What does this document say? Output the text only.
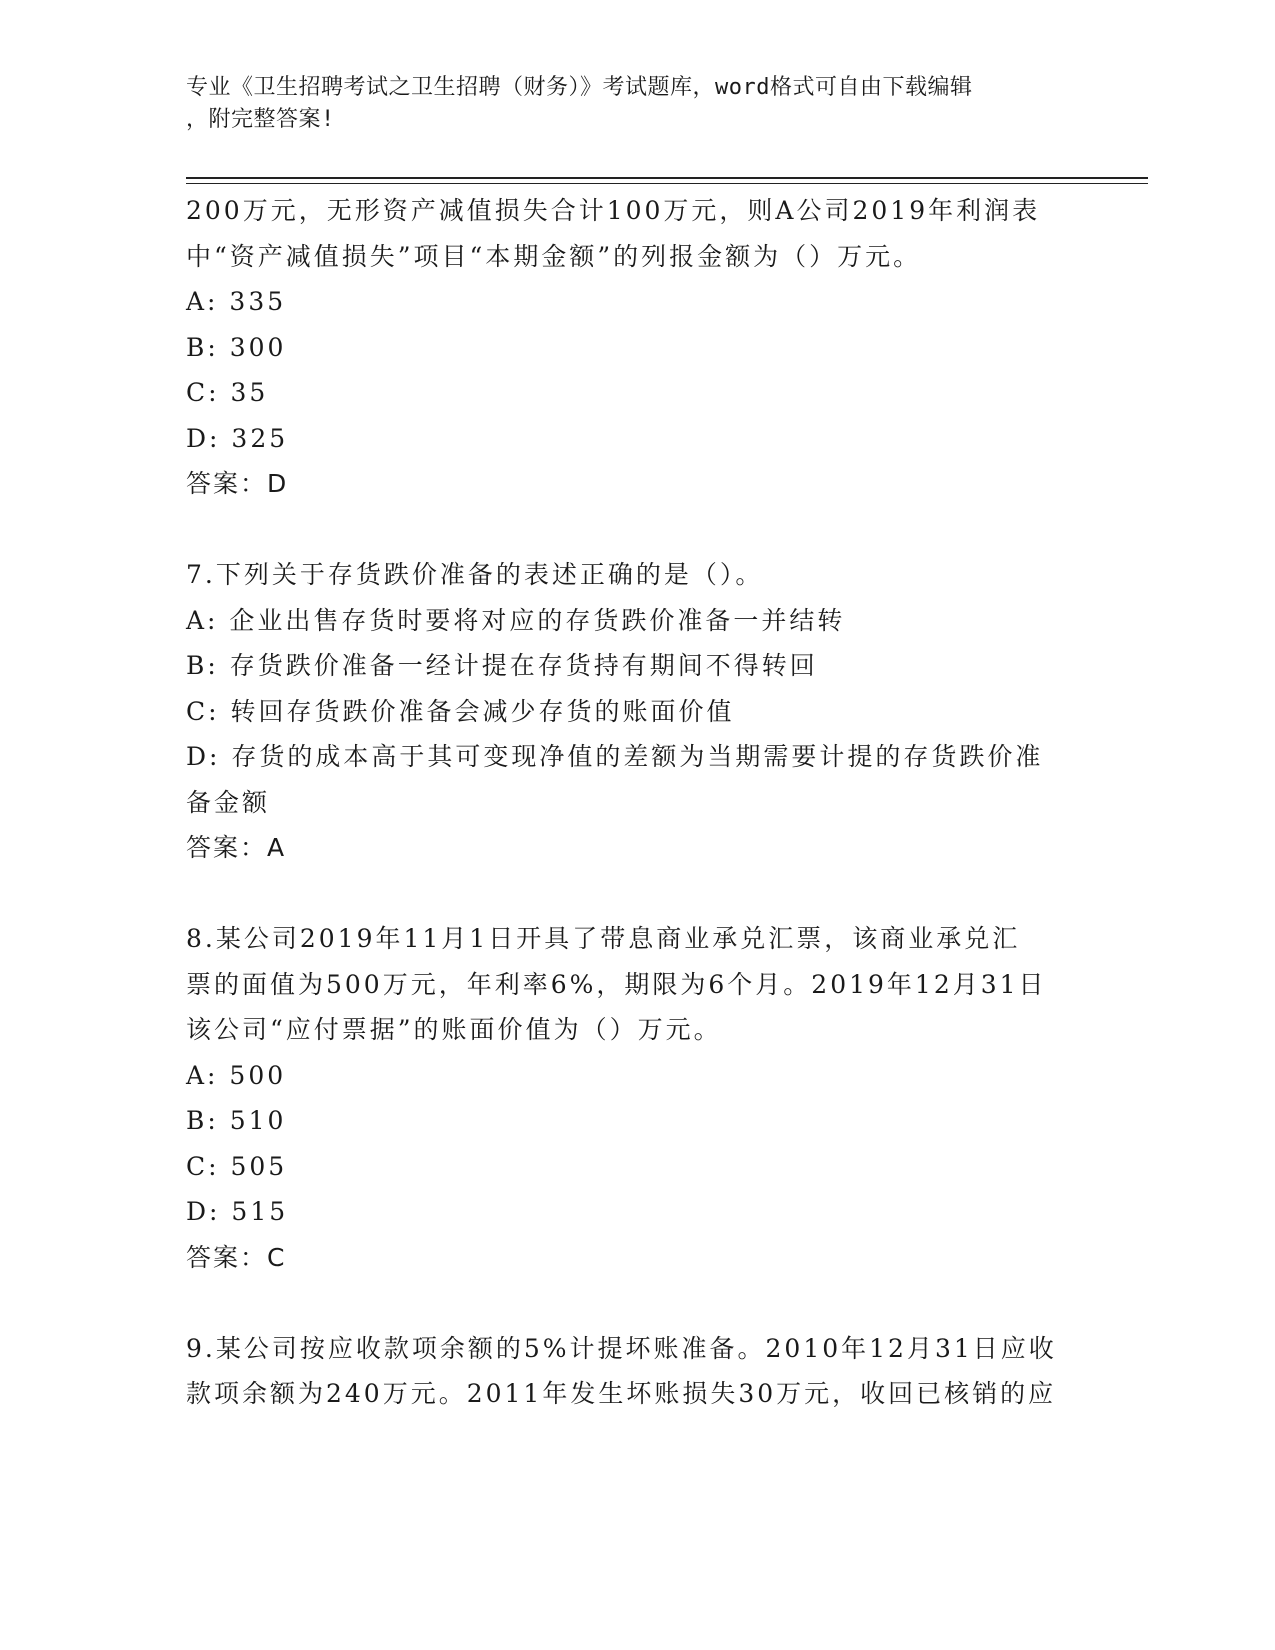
专业《卫生招聘考试之卫生招聘（财务）》考试题库，word格式可自由下载编辑
，附完整答案!
200万元，无形资产减值损失合计100万元，则A公司2019年利润表
中“资产减值损失”项目“本期金额”的列报金额为（）万元。
A: 335
B: 300
C: 35
D: 325
答案：D
7.下列关于存货跌价准备的表述正确的是（）。
A: 企业出售存货时要将对应的存货跌价准备一并结转
B: 存货跌价准备一经计提在存货持有期间不得转回
C: 转回存货跌价准备会减少存货的账面价值
D: 存货的成本高于其可变现净值的差额为当期需要计提的存货跌价准
备金额
答案：A
8.某公司2019年11月1日开具了带息商业承兑汇票，该商业承兑汇
票的面值为500万元，年利率6%，期限为6个月。2019年12月31日
该公司“应付票据”的账面价值为（）万元。
A: 500
B: 510
C: 505
D: 515
答案：C
9.某公司按应收款项余额的5%计提坏账准备。2010年12月31日应收
款项余额为240万元。2011年发生坏账损失30万元，收回已核销的应
